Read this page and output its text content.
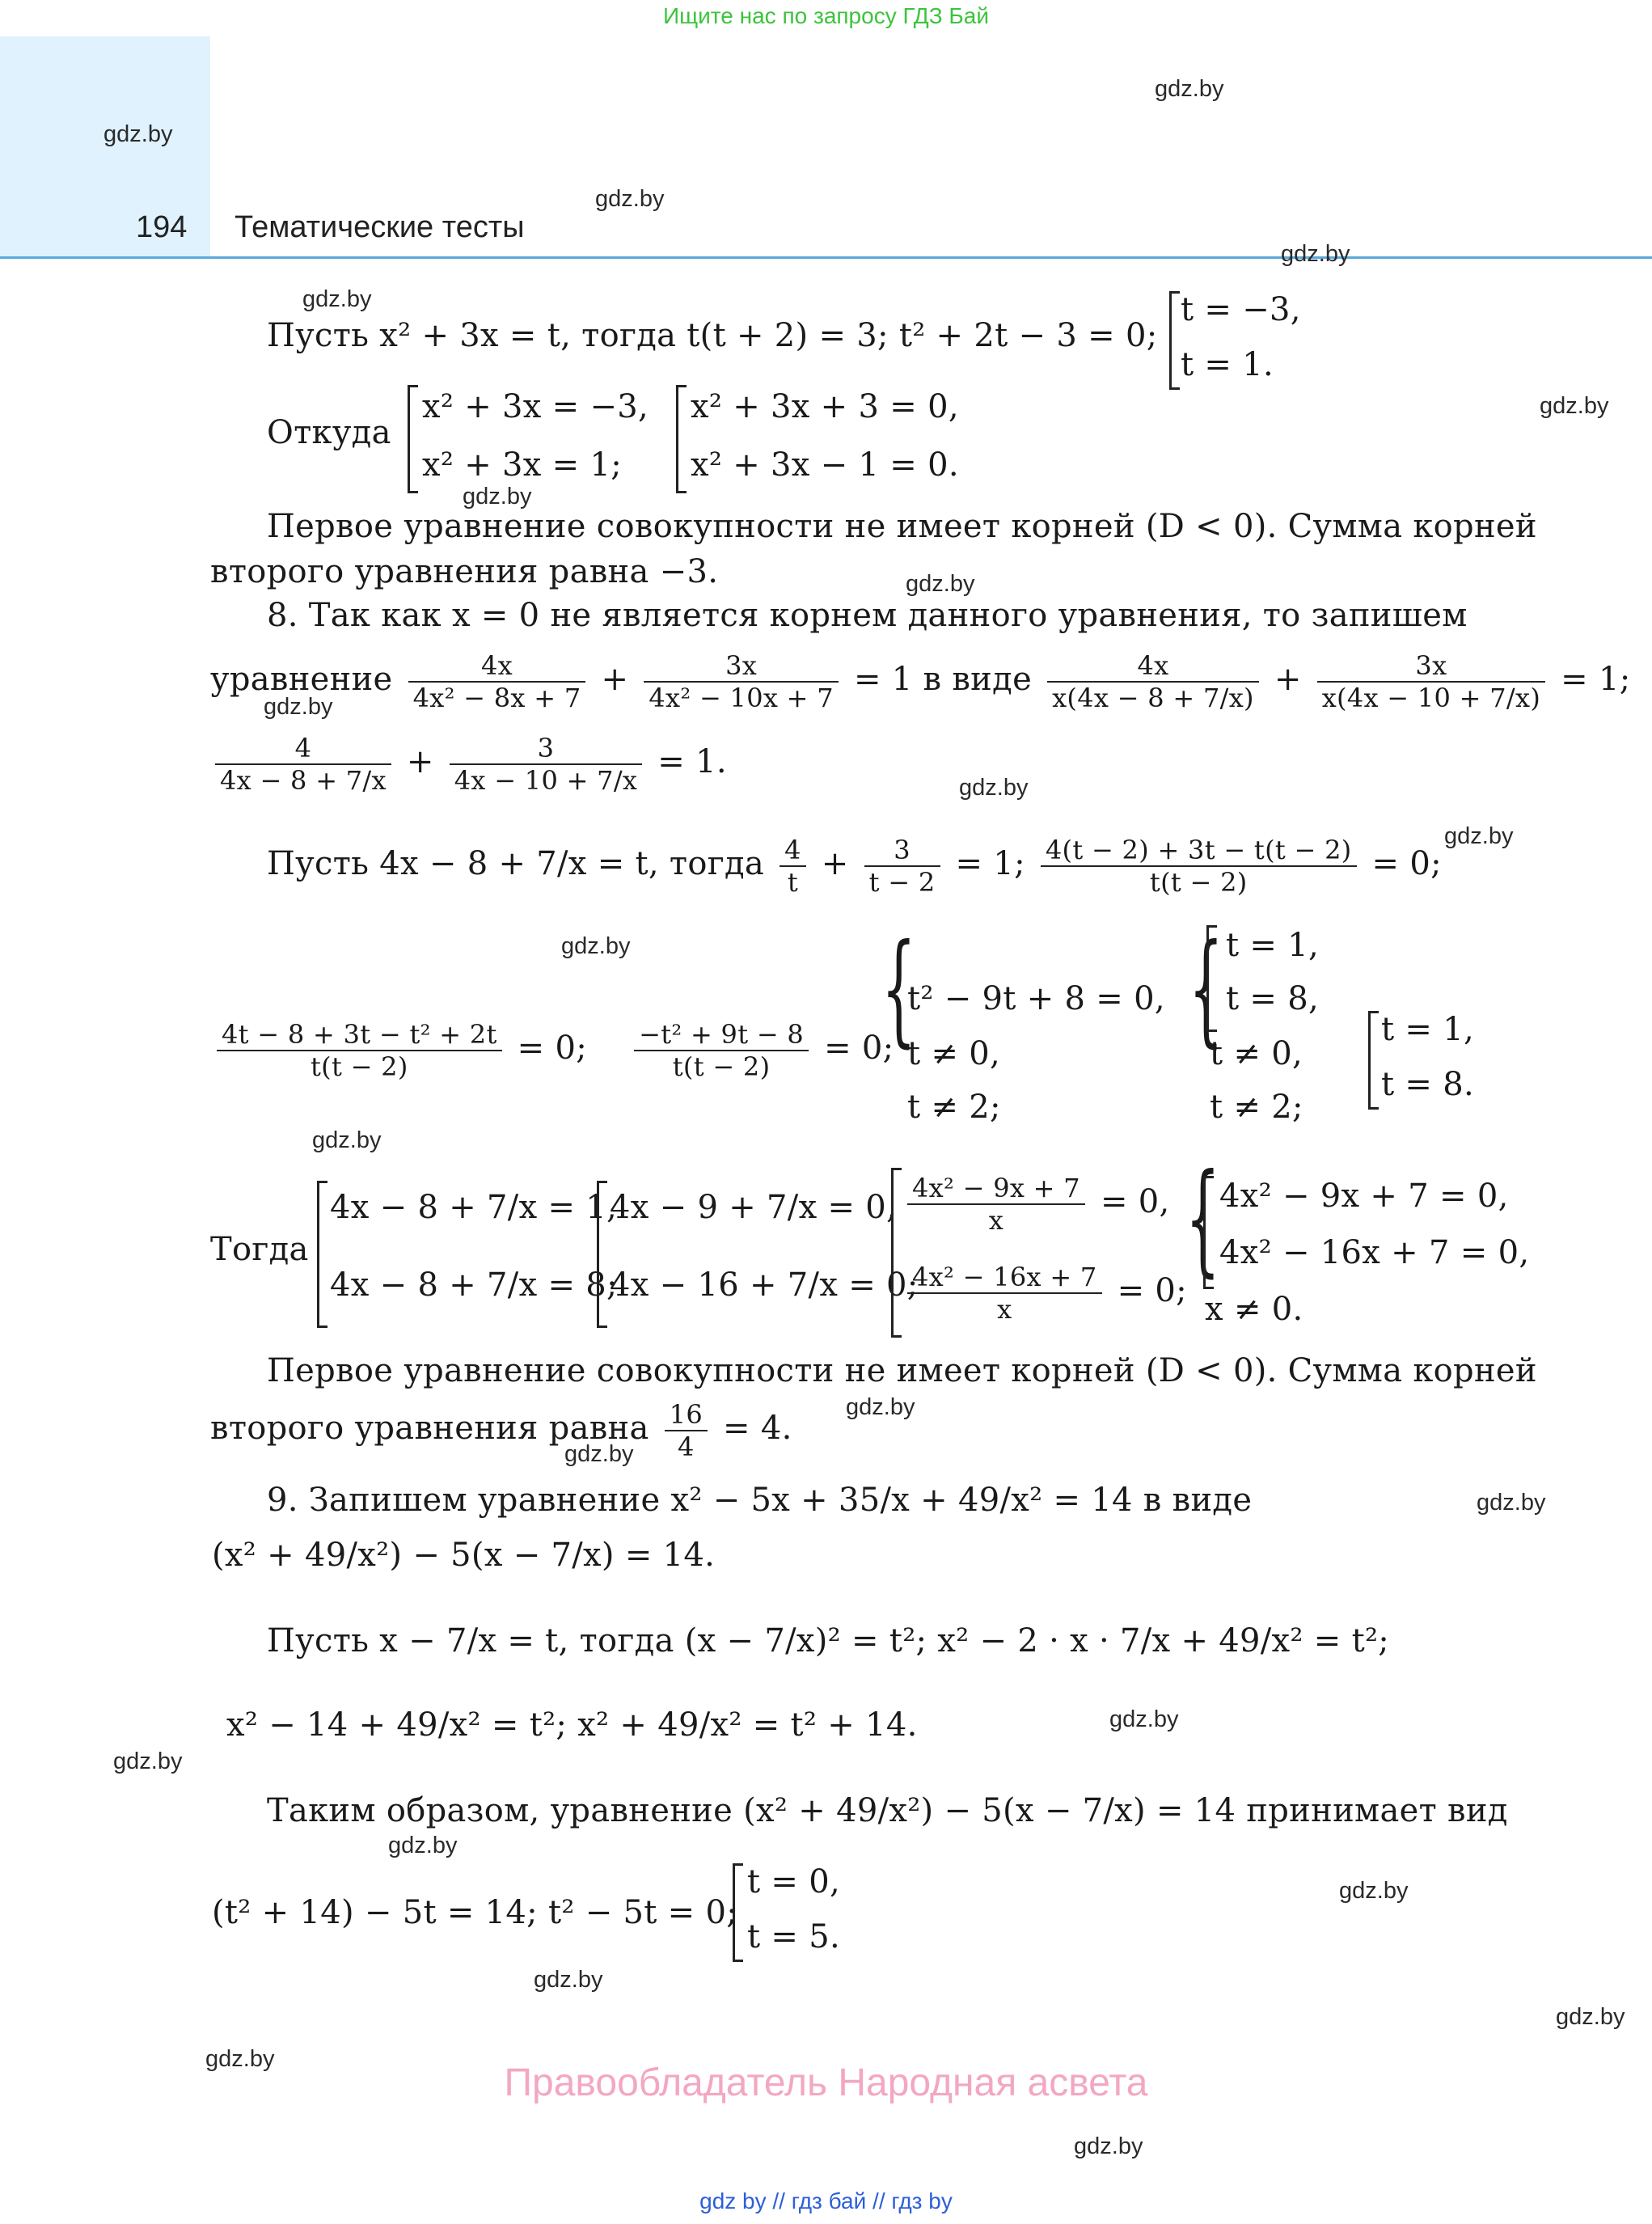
Ищите нас по запросу ГДЗ Бай
194 Тематические тесты
gdz.by
gdz.by
gdz.by
gdz.by
gdz.by
gdz.by
gdz.by
gdz.by
gdz.by
gdz.by
gdz.by
gdz.by
gdz.by
gdz.by
gdz.by
gdz.by
gdz.by
gdz.by
gdz.by
gdz.by
gdz.by
gdz.by
gdz.by
gdz.by
Пусть x² + 3x = t, тогда t(t + 2) = 3; t² + 2t − 3 = 0;
t = −3,
t = 1.
Откуда
x² + 3x = −3,
x² + 3x = 1;
x² + 3x + 3 = 0,
x² + 3x − 1 = 0.
Первое уравнение совокупности не имеет корней (D < 0). Сумма корней
второго уравнения равна −3.
8. Так как x = 0 не является корнем данного уравнения, то запишем
уравнение $\frac{4x}{\text{4x² − 8x + 7}} + \frac{3x}{\text{4x² − 10x + 7}} = 1$ в виде $\frac{4x}{x(4x - 8 + 7/x)} + \frac{3x}{x(4x - 10 + 7/x)} = 1$;
$\frac{4}{4x - 8 + 7/x} + \frac{3}{4x - 10 + 7/x} = 1$.
Пусть 4x − 8 + 7/x = t, тогда $\frac{4}{t} + \frac{3}{t - 2} = 1$; $\frac{4(t - 2) + 3t - t(t - 2)}{t(t - 2)} = 0$;
$\frac{\text{4t − 8 + 3t − t² + 2t}}{t(t - 2)} = 0$; $\frac{\text{−t² + 9t − 8}}{t(t - 2)} = 0$;
{
t² − 9t + 8 = 0,
t ≠ 0,
t ≠ 2;
{ t = 1,
t = 8,
t ≠ 0,
t ≠ 2;
t = 1,
t = 8.
Тогда
4x − 8 + 7/x = 1,
4x − 8 + 7/x = 8;
4x − 9 + 7/x = 0,
4x − 16 + 7/x = 0;
$\frac{\text{4x² − 9x + 7}}{x} = 0$,
$\frac{\text{4x² − 16x + 7}}{x} = 0$;
{ 4x² − 9x + 7 = 0,
4x² − 16x + 7 = 0,
x ≠ 0.
Первое уравнение совокупности не имеет корней (D < 0). Сумма корней
второго уравнения равна $\frac{16}{4} = 4$.
9. Запишем уравнение x² − 5x + 35/x + 49/x² = 14 в виде
(x² + 49/x²) − 5(x − 7/x) = 14.
Пусть x − 7/x = t, тогда (x − 7/x)² = t²; x² − 2 · x · 7/x + 49/x² = t²;
x² − 14 + 49/x² = t²; x² + 49/x² = t² + 14.
Таким образом, уравнение (x² + 49/x²) − 5(x − 7/x) = 14 принимает вид
(t² + 14) − 5t = 14; t² − 5t = 0;
t = 0,
t = 5.
Правообладатель Народная асвета
gdz by // гдз бай // гдз by
